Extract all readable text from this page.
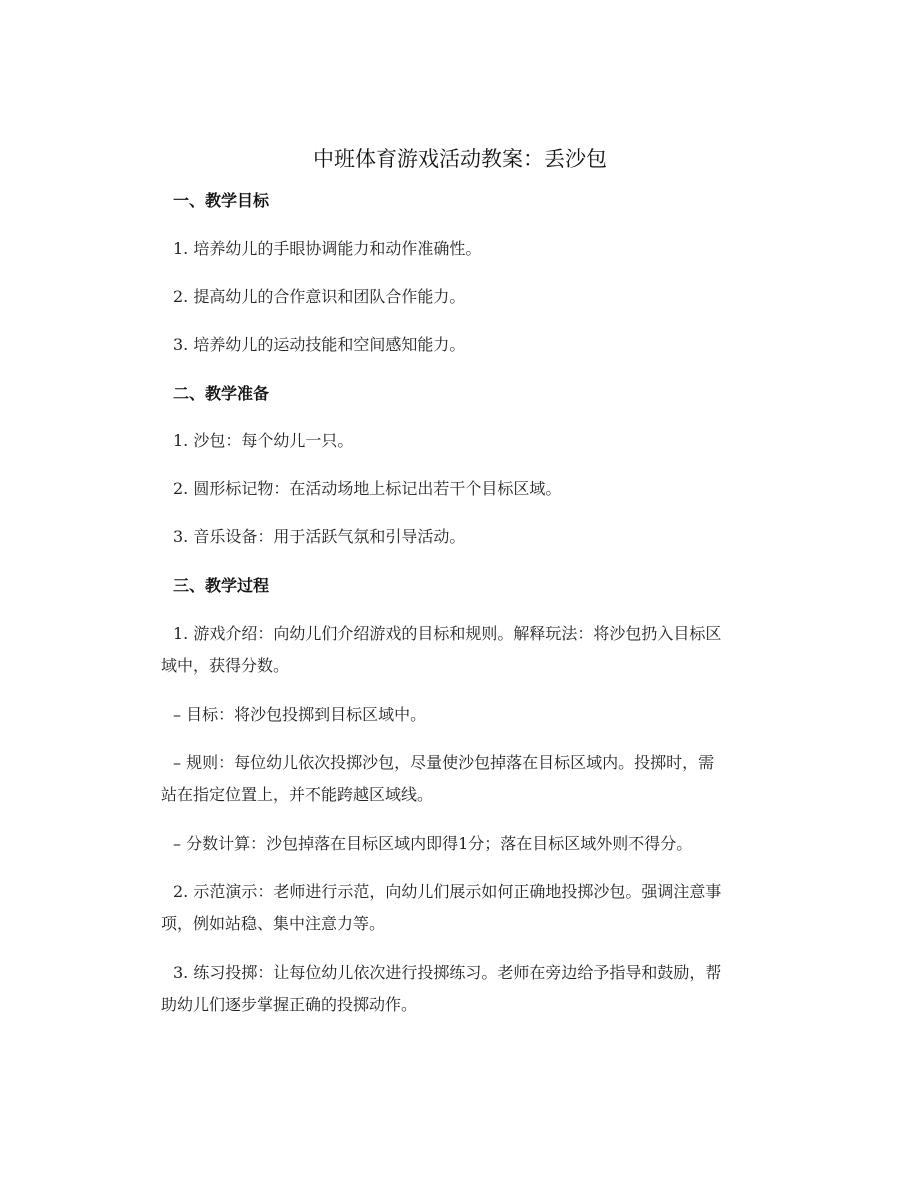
中班体育游戏活动教案：丢沙包
一、教学目标
1. 培养幼儿的手眼协调能力和动作准确性。
2. 提高幼儿的合作意识和团队合作能力。
3. 培养幼儿的运动技能和空间感知能力。
二、教学准备
1. 沙包：每个幼儿一只。
2. 圆形标记物：在活动场地上标记出若干个目标区域。
3. 音乐设备：用于活跃气氛和引导活动。
三、教学过程
1. 游戏介绍：向幼儿们介绍游戏的目标和规则。解释玩法：将沙包扔入目标区
域中，获得分数。
– 目标：将沙包投掷到目标区域中。
– 规则：每位幼儿依次投掷沙包，尽量使沙包掉落在目标区域内。投掷时，需
站在指定位置上，并不能跨越区域线。
– 分数计算：沙包掉落在目标区域内即得1分；落在目标区域外则不得分。
2. 示范演示：老师进行示范，向幼儿们展示如何正确地投掷沙包。强调注意事
项，例如站稳、集中注意力等。
3. 练习投掷：让每位幼儿依次进行投掷练习。老师在旁边给予指导和鼓励，帮
助幼儿们逐步掌握正确的投掷动作。
